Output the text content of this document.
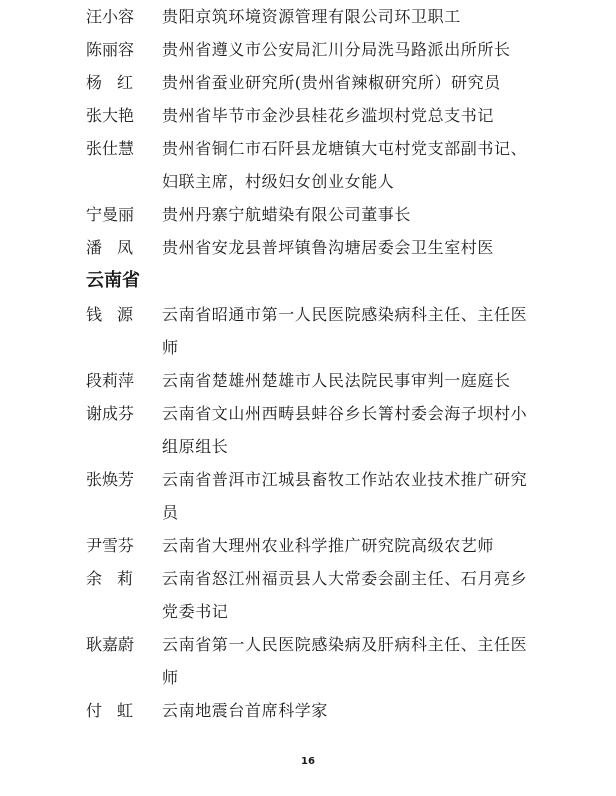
汪小容	贵阳京筑环境资源管理有限公司环卫职工
陈丽容	贵州省遵义市公安局汇川分局洗马路派出所所长
杨红 贵州省蚕业研究所(贵州省辣椒研究所）研究员
张大艳	贵州省毕节市金沙县桂花乡滥坝村党总支书记
张仕慧	贵州省铜仁市石阡县龙塘镇大屯村党支部副书记、
妇联主席，村级妇女创业女能人
宁曼丽	贵州丹寨宁航蜡染有限公司董事长
潘凤 贵州省安龙县普坪镇鲁沟塘居委会卫生室村医
云南省
钱源 云南省昭通市第一人民医院感染病科主任、主任医
师
段莉萍	云南省楚雄州楚雄市人民法院民事审判一庭庭长
谢成芬	云南省文山州西畴县蚌谷乡长箐村委会海子坝村小
组原组长
张焕芳	云南省普洱市江城县畜牧工作站农业技术推广研究
员
尹雪芬	云南省大理州农业科学推广研究院高级农艺师
余莉 云南省怒江州福贡县人大常委会副主任、石月亮乡
党委书记
耿嘉蔚	云南省第一人民医院感染病及肝病科主任、主任医
师
付虹 云南地震台首席科学家
16
